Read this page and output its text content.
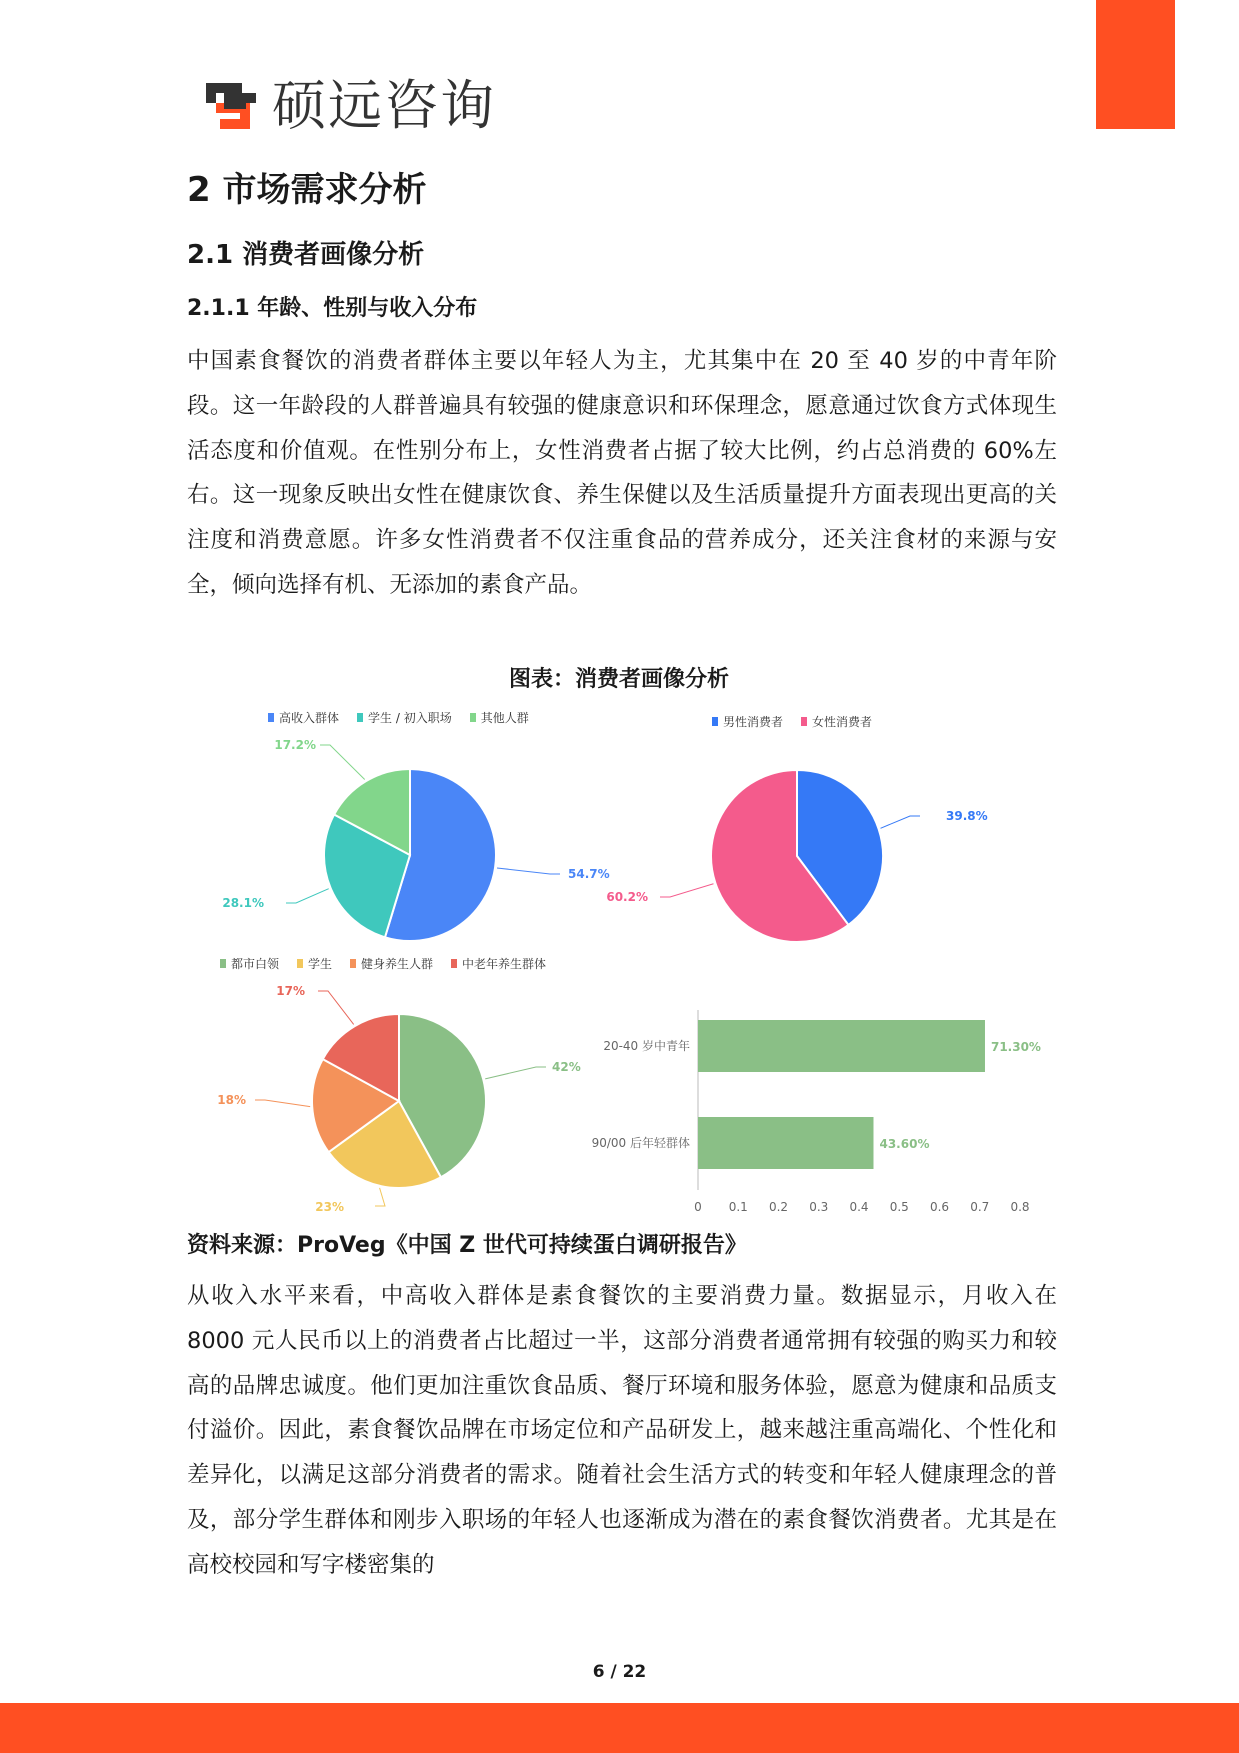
硕远咨询
2 市场需求分析
2.1 消费者画像分析
2.1.1 年龄、性别与收入分布

中国素食餐饮的消费者群体主要以年轻人为主，尤其集中在 20 至 40 岁的中青年阶段。这一年龄段的人群普遍具有较强的健康意识和环保理念，愿意通过饮食方式体现生活态度和价值观。在性别分布上，女性消费者占据了较大比例，约占总消费的 60%左右。这一现象反映出女性在健康饮食、养生保健以及生活质量提升方面表现出更高的关注度和消费意愿。许多女性消费者不仅注重食品的营养成分，还关注食材的来源与安全，倾向选择有机、无添加的素食产品。

图表：消费者画像分析

高收入群体 学生 / 初入职场 其他人群
54.7%
28.1%
17.2%
39.8%
60.2%
42%
23%
18%
17%
20-40 岁中青年	71.30%
90/00 后年轻群体	43.60%
0 0.1 0.2 0.3 0.4 0.5 0.6 0.7 0.8
男性消费者 女性消费者
都市白领 学生 健身养生人群 中老年养生群体

资料来源：ProVeg《中国 Z 世代可持续蛋白调研报告》

从收入水平来看，中高收入群体是素食餐饮的主要消费力量。数据显示，月收入在 8000 元人民币以上的消费者占比超过一半，这部分消费者通常拥有较强的购买力和较高的品牌忠诚度。他们更加注重饮食品质、餐厅环境和服务体验，愿意为健康和品质支付溢价。因此，素食餐饮品牌在市场定位和产品研发上，越来越注重高端化、个性化和差异化，以满足这部分消费者的需求。随着社会生活方式的转变和年轻人健康理念的普及，部分学生群体和刚步入职场的年轻人也逐渐成为潜在的素食餐饮消费者。尤其是在高校校园和写字楼密集的

6 / 22
